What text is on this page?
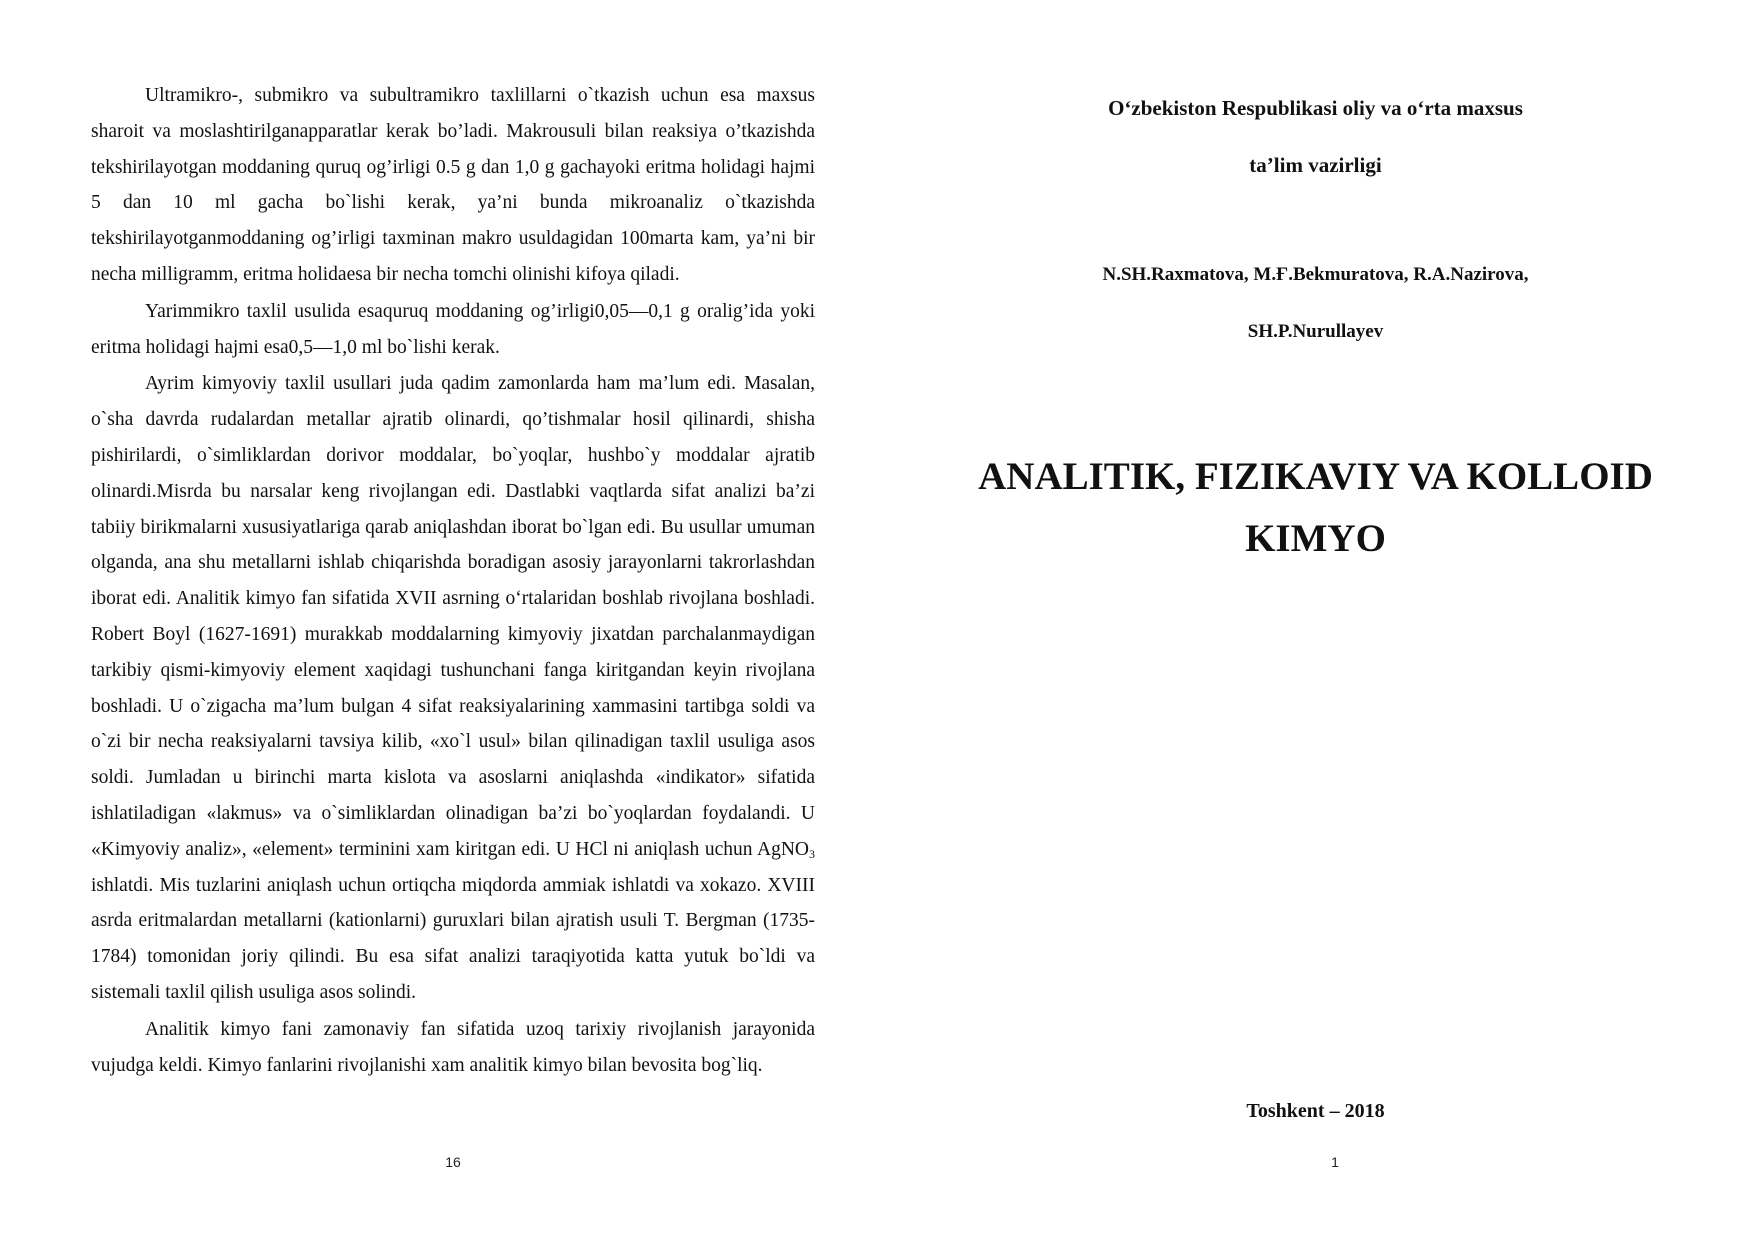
Ultramikro-, submikro va subultramikro taxlillarni o`tkazish uchun esa maxsus sharoit va moslashtirilganapparatlar kerak bo’ladi. Makrousuli bilan reaksiya o’tkazishda tekshirilayotgan moddaning quruq og’irligi 0.5 g dan 1,0 g gachayoki eritma holidagi hajmi 5 dan 10 ml gacha bo`lishi kerak, ya’ni bunda mikroanaliz o`tkazishda tekshirilayotganmoddaning og’irligi taxminan makro usuldagidan 100marta kam, ya’ni bir necha milligramm, eritma holidaesa bir necha tomchi olinishi kifoya qiladi.

Yarimmikro taxlil usulida esaquruq moddaning og’irligi0,05—0,1 g oralig’ida yoki eritma holidagi hajmi esa0,5—1,0 ml bo`lishi kerak.

Ayrim kimyoviy taxlil usullari juda qadim zamonlarda ham ma’lum edi. Masalan, o`sha davrda rudalardan metallar ajratib olinardi, qo’tishmalar hosil qilinardi, shisha pishirilardi, o`simliklardan dorivor moddalar, bo`yoqlar, hushbo`y moddalar ajratib olinardi.Misrda bu narsalar keng rivojlangan edi. Dastlabki vaqtlarda sifat analizi ba’zi tabiiy birikmalarni xususiyatlariga qarab aniqlashdan iborat bo`lgan edi. Bu usullar umuman olganda, ana shu metallarni ishlab chiqarishda boradigan asosiy jarayonlarni takrorlashdan iborat edi. Analitik kimyo fan sifatida XVII asrning o‘rtalaridan boshlab rivojlana boshladi. Robert Boyl (1627-1691) murakkab moddalarning kimyoviy jixatdan parchalanmaydigan tarkibiy qismi-kimyoviy element xaqidagi tushunchani fanga kiritgandan keyin rivojlana boshladi. U o`zigacha ma’lum bulgan 4 sifat reaksiyalarining xammasini tartibga soldi va o`zi bir necha reaksiyalarni tavsiya kilib, «xo`l usul» bilan qilinadigan taxlil usuliga asos soldi. Jumladan u birinchi marta kislota va asoslarni aniqlashda «indikator» sifatida ishlatiladigan «lakmus» va o`simliklardan olinadigan ba’zi bo`yoqlardan foydalandi. U «Kimyoviy analiz», «element» terminini xam kiritgan edi. U HCl ni aniqlash uchun AgNO$_3$

ishlatdi. Mis tuzlarini aniqlash uchun ortiqcha miqdorda ammiak ishlatdi va xokazo. XVIII asrda eritmalardan metallarni (kationlarni) guruxlari bilan ajratish usuli T. Bergman (1735-1784) tomonidan joriy qilindi. Bu esa sifat analizi taraqiyotida katta yutuk bo`ldi va sistemali taxlil qilish usuliga asos solindi.

Analitik kimyo fani zamonaviy fan sifatida uzoq tarixiy rivojlanish jarayonida vujudga keldi. Kimyo fanlarini rivojlanishi xam analitik kimyo bilan bevosita bog`liq.

16
O‘zbekiston Respublikasi oliy va o‘rta maxsus
ta’lim vazirligi
N.SH.Raxmatova, M.Ғ.Bekmuratova, R.A.Nazirova,
SH.P.Nurullayev
ANALITIK, FIZIKAVIY VA KOLLOID
KIMYO
Toshkent – 2018
1
